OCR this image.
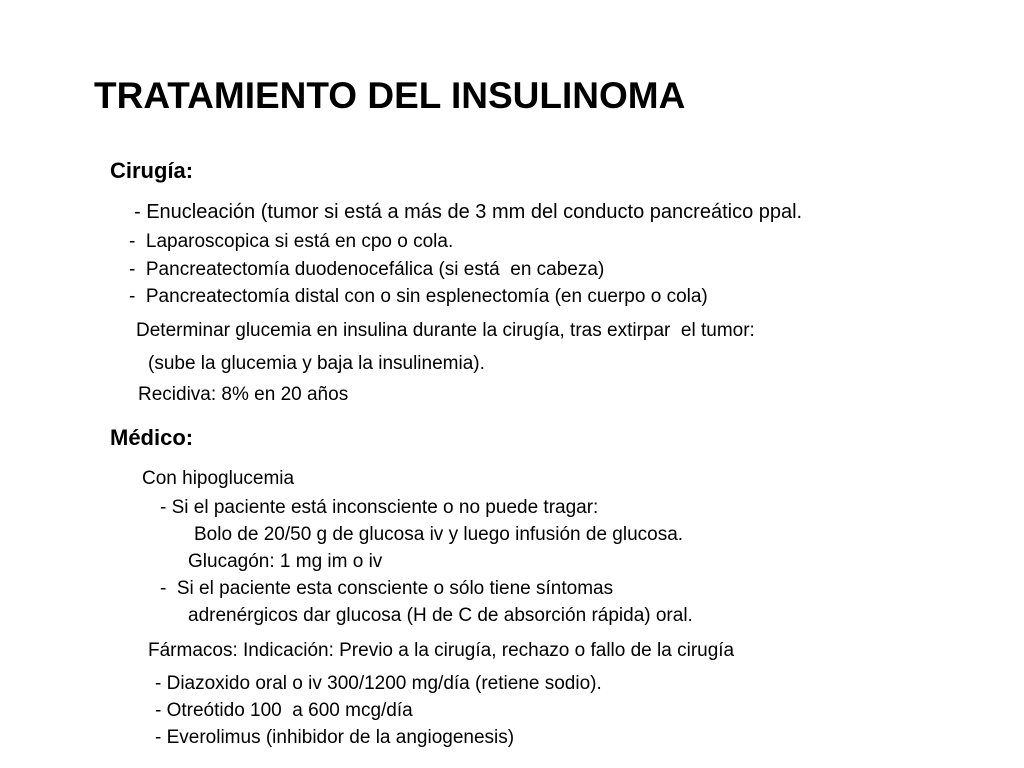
TRATAMIENTO DEL INSULINOMA
Cirugía:
- Enucleación (tumor si está a más de 3 mm del conducto pancreático ppal.
-  Laparoscopica si está en cpo o cola.
-  Pancreatectomía duodenocefálica (si está  en cabeza)
-  Pancreatectomía distal con o sin esplenectomía (en cuerpo o cola)
Determinar glucemia en insulina durante la cirugía, tras extirpar  el tumor:
(sube la glucemia y baja la insulinemia).
Recidiva: 8% en 20 años
Médico:
Con hipoglucemia
- Si el paciente está inconsciente o no puede tragar:
Bolo de 20/50 g de glucosa iv y luego infusión de glucosa.
Glucagón: 1 mg im o iv
-  Si el paciente esta consciente o sólo tiene síntomas
adrenérgicos dar glucosa (H de C de absorción rápida) oral.
Fármacos: Indicación: Previo a la cirugía, rechazo o fallo de la cirugía
- Diazoxido oral o iv 300/1200 mg/día (retiene sodio).
- Otreótido 100  a 600 mcg/día
- Everolimus (inhibidor de la angiogenesis)
